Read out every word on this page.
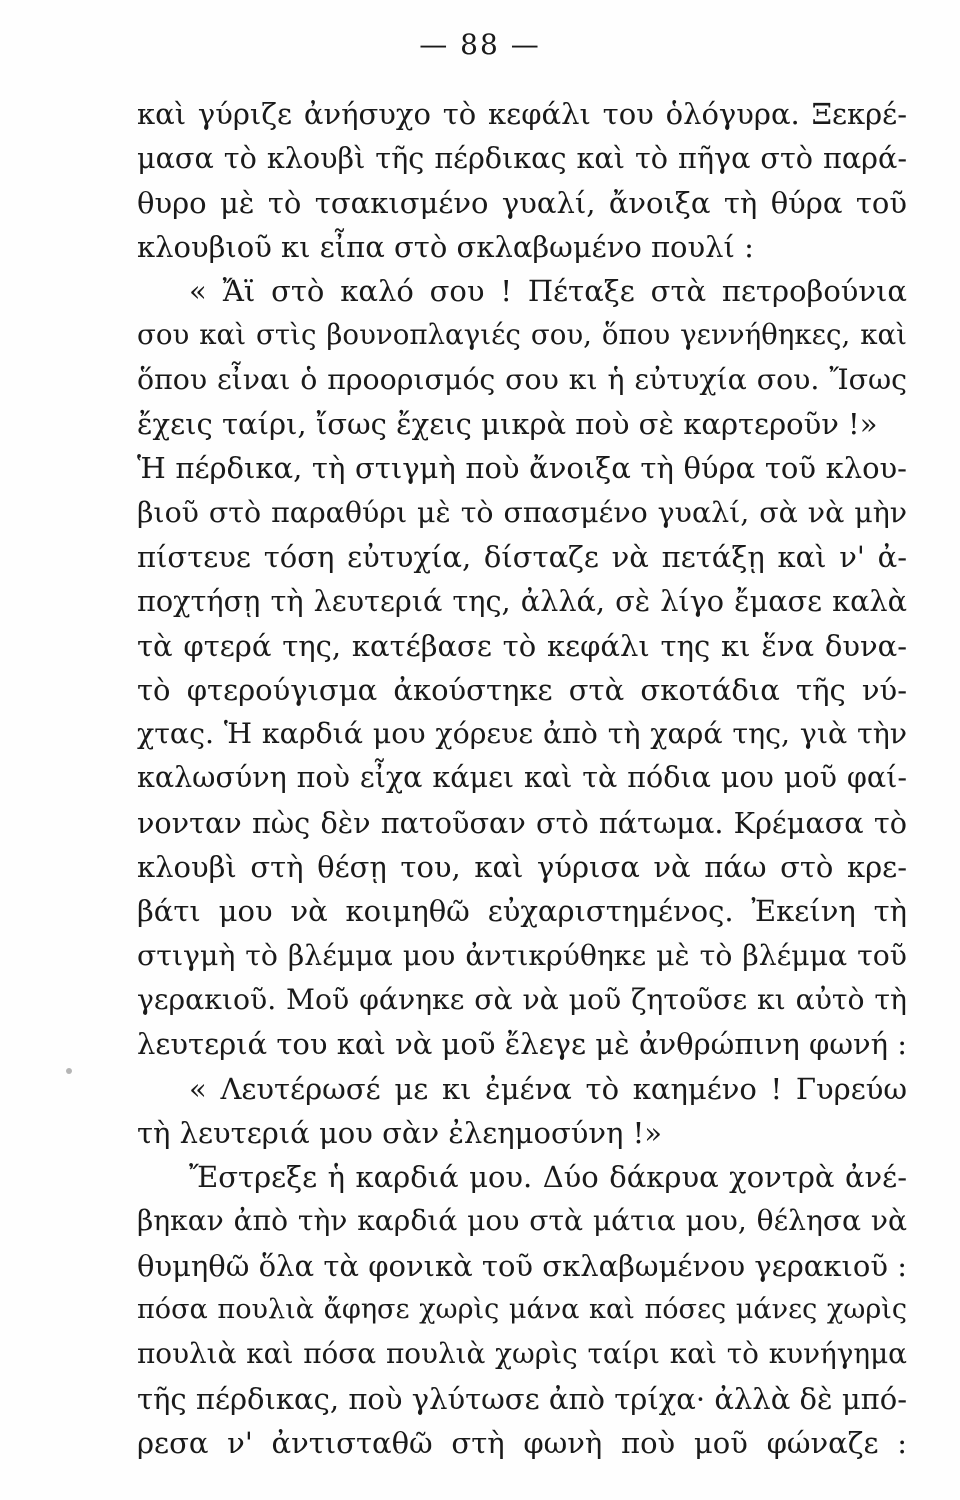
— 88 —
καὶ γύριζε ἀνήσυχο τὸ κεφάλι του ὁλόγυρα. Ξεκρέ-
μασα τὸ κλουβὶ τῆς πέρδικας καὶ τὸ πῆγα στὸ παρά-
θυρο μὲ τὸ τσακισμένο γυαλί, ἄνοιξα τὴ θύρα τοῦ
κλουβιοῦ κι εἶπα στὸ σκλαβωμένο πουλί :
« Ἄϊ στὸ καλό σου ! Πέταξε στὰ πετροβούνια
σου καὶ στὶς βουνοπλαγιές σου, ὅπου γεννήθηκες, καὶ
ὅπου εἶναι ὁ προορισμός σου κι ἡ εὐτυχία σου. Ἴσως
ἔχεις ταίρι, ἴσως ἔχεις μικρὰ ποὺ σὲ καρτεροῦν !»
Ἡ πέρδικα, τὴ στιγμὴ ποὺ ἄνοιξα τὴ θύρα τοῦ κλου-
βιοῦ στὸ παραθύρι μὲ τὸ σπασμένο γυαλί, σὰ νὰ μὴν
πίστευε τόση εὐτυχία, δίσταζε νὰ πετάξῃ καὶ ν' ἀ-
ποχτήσῃ τὴ λευτεριά της, ἀλλά, σὲ λίγο ἔμασε καλὰ
τὰ φτερά της, κατέβασε τὸ κεφάλι της κι ἕνα δυνα-
τὸ φτερούγισμα ἀκούστηκε στὰ σκοτάδια τῆς νύ-
χτας. Ἡ καρδιά μου χόρευε ἀπὸ τὴ χαρά της, γιὰ τὴν
καλωσύνη ποὺ εἶχα κάμει καὶ τὰ πόδια μου μοῦ φαί-
νονταν πὼς δὲν πατοῦσαν στὸ πάτωμα. Κρέμασα τὸ
κλουβὶ στὴ θέσῃ του, καὶ γύρισα νὰ πάω στὸ κρε-
βάτι μου νὰ κοιμηθῶ εὐχαριστημένος. Ἐκείνη τὴ
στιγμὴ τὸ βλέμμα μου ἀντικρύθηκε μὲ τὸ βλέμμα τοῦ
γερακιοῦ. Μοῦ φάνηκε σὰ νὰ μοῦ ζητοῦσε κι αὐτὸ τὴ
λευτεριά του καὶ νὰ μοῦ ἔλεγε μὲ ἀνθρώπινη φωνή :
« Λευτέρωσέ με κι ἐμένα τὸ καημένο ! Γυρεύω
τὴ λευτεριά μου σὰν ἐλεημοσύνη !»
Ἔστρεξε ἡ καρδιά μου. Δύο δάκρυα χοντρὰ ἀνέ-
βηκαν ἀπὸ τὴν καρδιά μου στὰ μάτια μου, θέλησα νὰ
θυμηθῶ ὅλα τὰ φονικὰ τοῦ σκλαβωμένου γερακιοῦ :
πόσα πουλιὰ ἄφησε χωρὶς μάνα καὶ πόσες μάνες χωρὶς
πουλιὰ καὶ πόσα πουλιὰ χωρὶς ταίρι καὶ τὸ κυνήγημα
τῆς πέρδικας, ποὺ γλύτωσε ἀπὸ τρίχα· ἀλλὰ δὲ μπό-
ρεσα ν' ἀντισταθῶ στὴ φωνὴ ποὺ μοῦ φώναζε :
